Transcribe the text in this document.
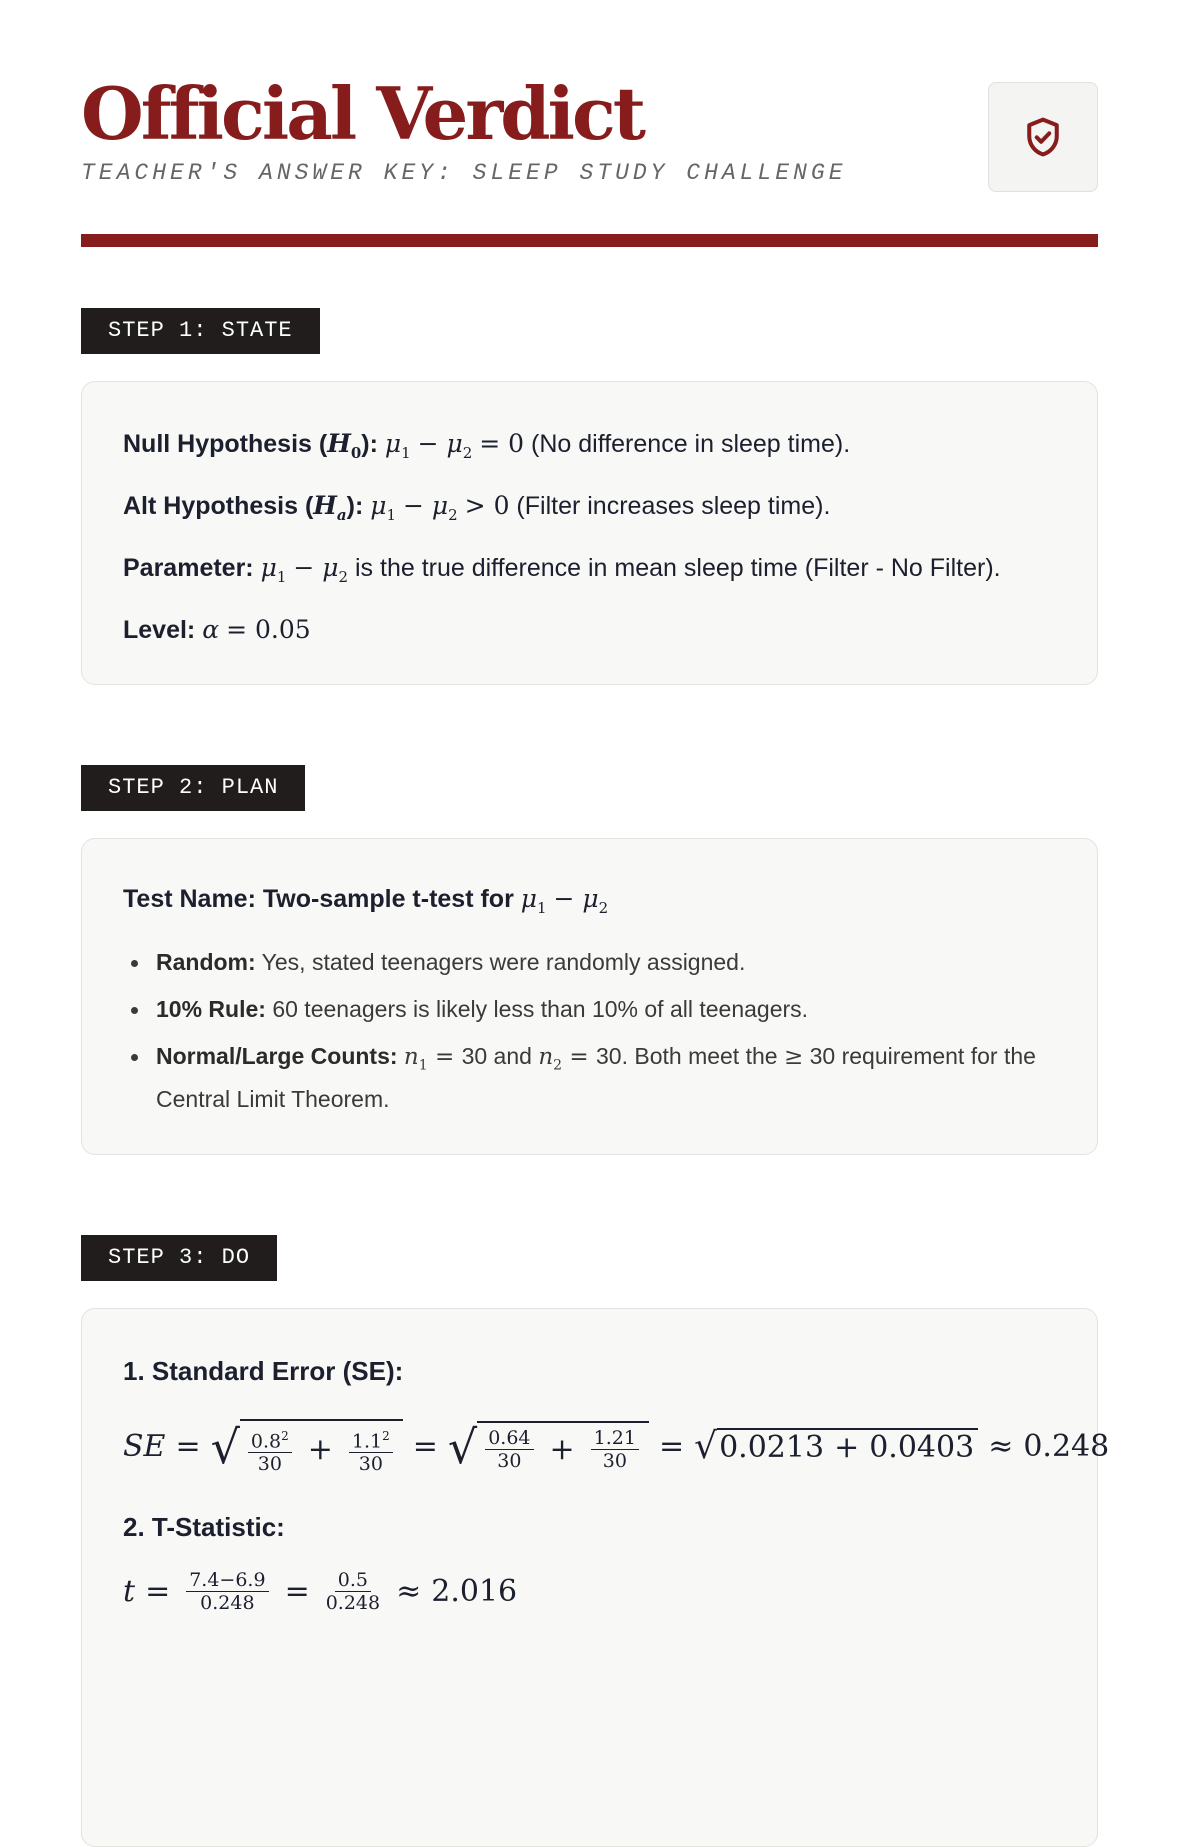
Official Verdict
TEACHER'S ANSWER KEY: SLEEP STUDY CHALLENGE
STEP 1: STATE
Null Hypothesis $(H_0)$: $\mu_1 - \mu_2 = 0$ (No difference in sleep time).
Alt Hypothesis $(H_a)$: $\mu_1 - \mu_2 > 0$ (Filter increases sleep time).
Parameter: $\mu_1 - \mu_2$ is the true difference in mean sleep time (Filter - No Filter).
Level: α = 0.05
STEP 2: PLAN
Test Name: Two-sample t-test for $\mu_1 - \mu_2$
Random: Yes, stated teenagers were randomly assigned.
10% Rule: 60 teenagers is likely less than 10% of all teenagers.
Normal/Large Counts: $n_1 = 30$ and $n_2 = 30$. Both meet the ≥ 30 requirement for the Central Limit Theorem.
STEP 3: DO
1. Standard Error (SE):
SE = √ $\frac{0.8^2}{30} + \frac{1.1^2}{30}$ = √ $\frac{0.64}{30} + \frac{1.21}{30}$ = √ 0.0213 + 0.0403 ≈ 0.248
2. T-Statistic:
$t = \frac{7.4-6.9}{0.248} = \frac{0.5}{0.248} \approx 2.016$
